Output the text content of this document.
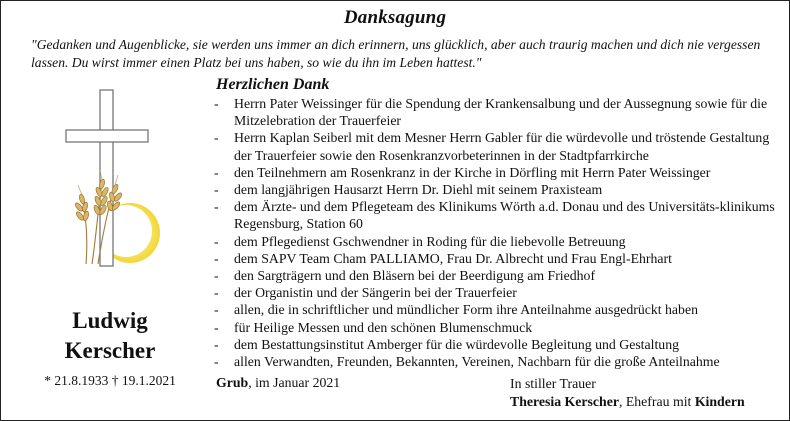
Danksagung
"Gedanken und Augenblicke, sie werden uns immer an dich erinnern, uns glücklich, aber auch traurig machen und dich nie vergessen lassen. Du wirst immer einen Platz bei uns haben, so wie du ihn im Leben hattest."
Ludwig
Kerscher
* 21.8.1933 † 19.1.2021
Herzlichen Dank
- Herrn Pater Weissinger für die Spendung der Krankensalbung und der Aussegnung sowie für die Mitzelebration der Trauerfeier
- Herrn Kaplan Seiberl mit dem Mesner Herrn Gabler für die würdevolle und tröstende Gestaltung der Trauerfeier sowie den Rosenkranzvorbeterinnen in der Stadtpfarrkirche
- den Teilnehmern am Rosenkranz in der Kirche in Dörfling mit Herrn Pater Weissinger
- dem langjährigen Hausarzt Herrn Dr. Diehl mit seinem Praxisteam
- dem Ärzte- und dem Pflegeteam des Klinikums Wörth a.d. Donau und des Universitäts-klinikums Regensburg, Station 60
- dem Pflegedienst Gschwendner in Roding für die liebevolle Betreuung
- dem SAPV Team Cham PALLIAMO, Frau Dr. Albrecht und Frau Engl-Ehrhart
- den Sargträgern und den Bläsern bei der Beerdigung am Friedhof
- der Organistin und der Sängerin bei der Trauerfeier
- allen, die in schriftlicher und mündlicher Form ihre Anteilnahme ausgedrückt haben
- für Heilige Messen und den schönen Blumenschmuck
- dem Bestattungsinstitut Amberger für die würdevolle Begleitung und Gestaltung
- allen Verwandten, Freunden, Bekannten, Vereinen, Nachbarn für die große Anteilnahme
Grub, im Januar 2021	In stiller Trauer
Theresia Kerscher, Ehefrau mit Kindern
